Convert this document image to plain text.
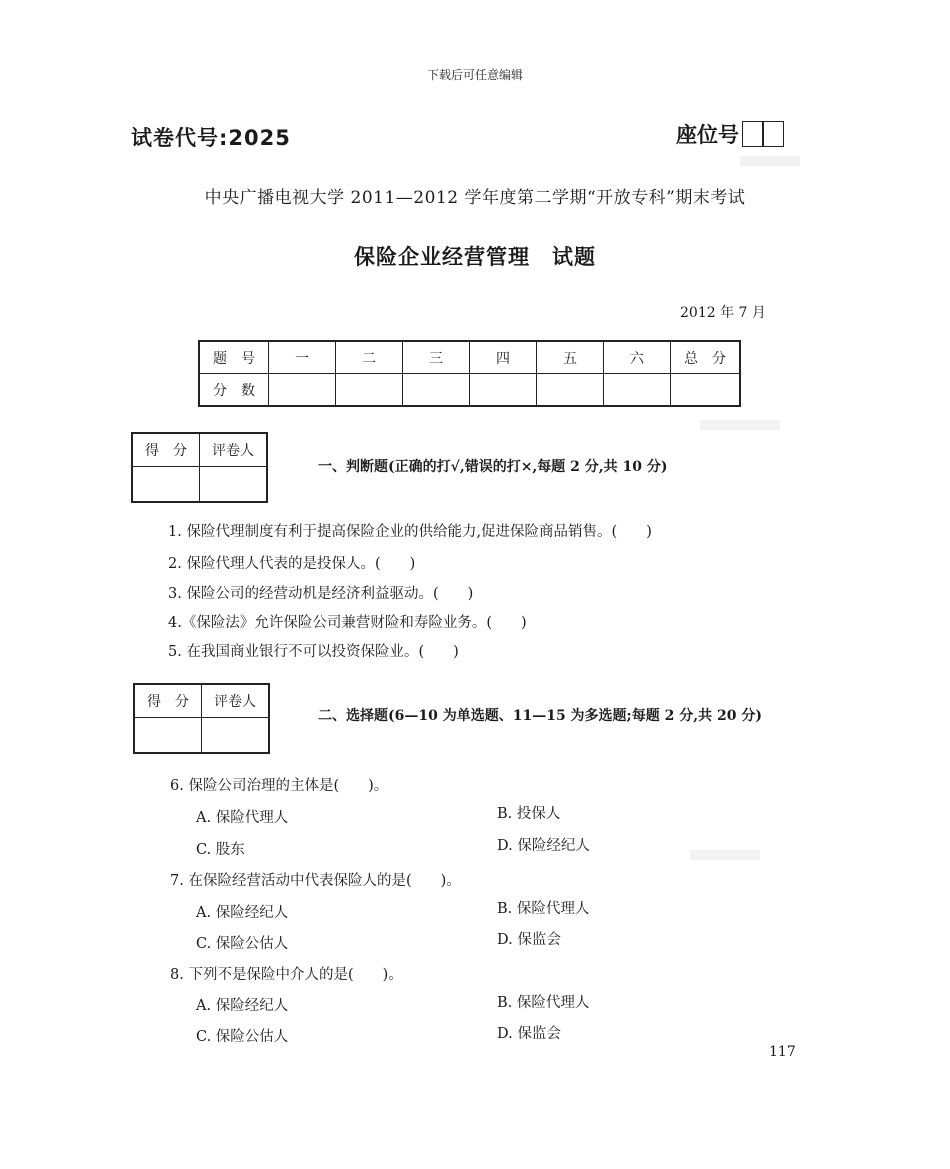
下载后可任意编辑
试卷代号:2025	座位号
中央广播电视大学 2011—2012 学年度第二学期“开放专科”期末考试
保险企业经营管理　试题
2012 年 7 月
题　号	一	二	三	四	五	六	总　分
分　数							
得　分	评卷人

一、判断题(正确的打√,错误的打×,每题 2 分,共 10 分)
1. 保险代理制度有利于提高保险企业的供给能力,促进保险商品销售。(　　)
2. 保险代理人代表的是投保人。(　　)
3. 保险公司的经营动机是经济利益驱动。(　　)
4.《保险法》允许保险公司兼营财险和寿险业务。(　　)
5. 在我国商业银行不可以投资保险业。(　　)
得　分	评卷人

二、选择题(6—10 为单选题、11—15 为多选题;每题 2 分,共 20 分)
6. 保险公司治理的主体是(　　)。
A. 保险代理人	B. 投保人
C. 股东	D. 保险经纪人
7. 在保险经营活动中代表保险人的是(　　)。
A. 保险经纪人	B. 保险代理人
C. 保险公估人	D. 保监会
8. 下列不是保险中介人的是(　　)。
A. 保险经纪人	B. 保险代理人
C. 保险公估人	D. 保监会
117
